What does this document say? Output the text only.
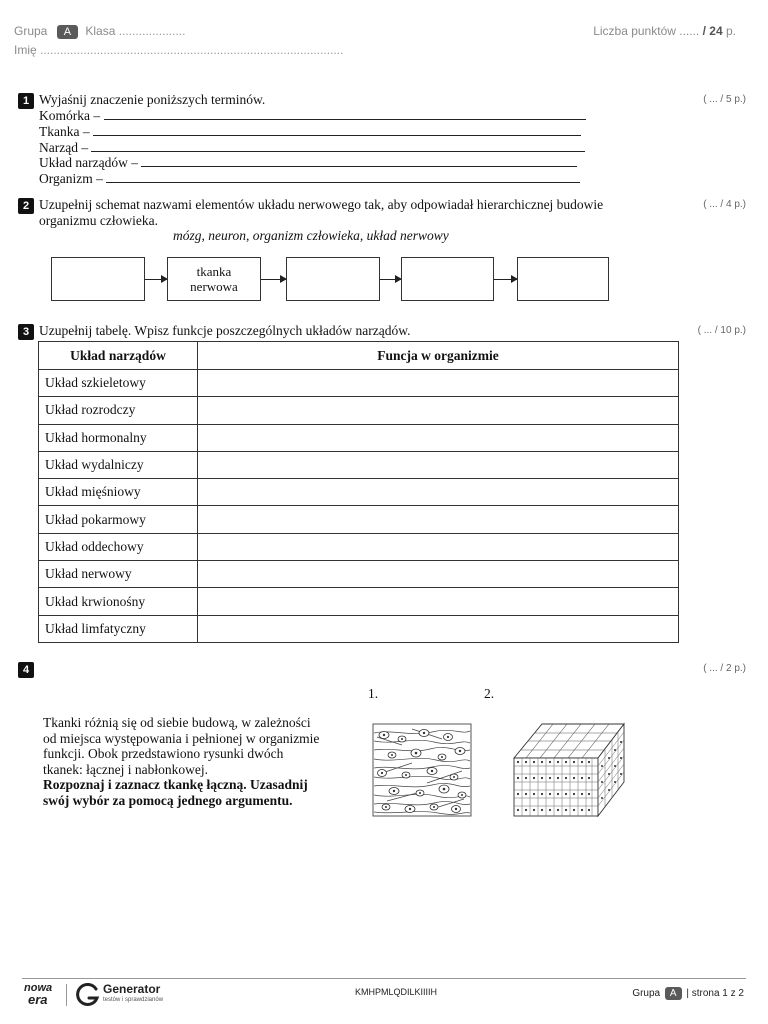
Grupa A Klasa ....................	Liczba punktów ...... / 24 p.
Imię ...........................................................................................
1	( ... / 5 p.)
Wyjaśnij znaczenie poniższych terminów.
Komórka –
Tkanka –
Narząd –
Układ narządów –
Organizm –
2	( ... / 4 p.)
Uzupełnij schemat nazwami elementów układu nerwowego tak, aby odpowiadał hierarchicznej budowie
organizmu człowieka.
mózg, neuron, organizm człowieka, układ nerwowy
tkanka
nerwowa
3	( ... / 10 p.)
Uzupełnij tabelę. Wpisz funkcje poszczególnych układów narządów.
Układ narządów	Funcja w organizmie
Układ szkieletowy	
Układ rozrodczy	
Układ hormonalny	
Układ wydalniczy	
Układ mięśniowy	
Układ pokarmowy	
Układ oddechowy	
Układ nerwowy	
Układ krwionośny	
Układ limfatyczny	
4	( ... / 2 p.)
1.	2.
Tkanki różnią się od siebie budową, w zależności
od miejsca występowania i pełnionej w organizmie
funkcji. Obok przedstawiono rysunki dwóch
tkanek: łącznej i nabłonkowej.
Rozpoznaj i zaznacz tkankę łączną. Uzasadnij
swój wybór za pomocą jednego argumentu.
nowa
era
Generator
testów i sprawdzianów
KMHPMLQDILKIIIIH	Grupa A | strona 1 z 2
